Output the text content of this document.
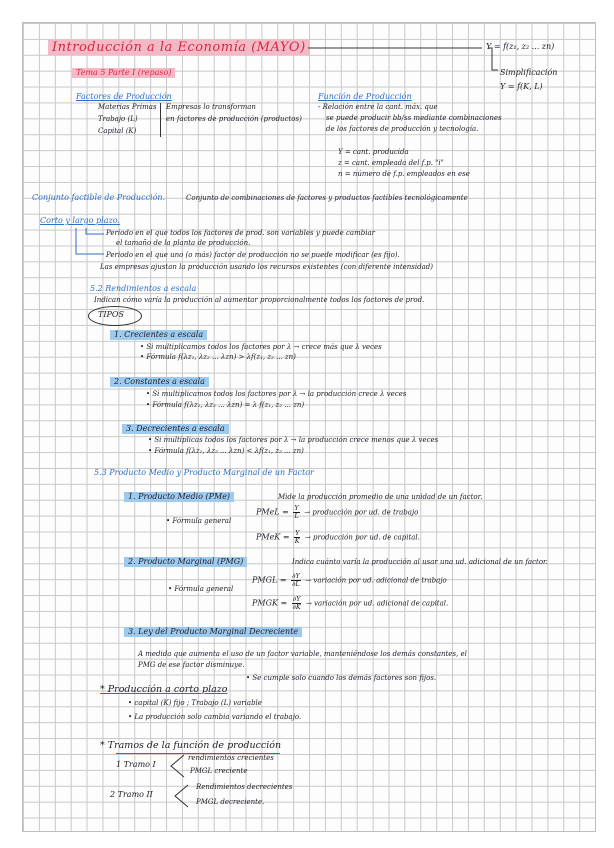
Introducción a la Economía (MAYO)
Tema 5 Parte I (repaso)
Y = f(z₁, z₂ ... zn)
Simplificación
Y = f(K, L)
Factores de Producción
Materias Primas
Trabajo (L)
Capital (K)
Empresas lo transforman
en factores de producción (productos)
Función de Producción
- Relación entre la cant. máx. que
se puede producir bb/ss mediante combinaciones
de los factores de producción y tecnología.
Y = cant. producida
z = cant. empleada del f.p. "i"
n = número de f.p. empleados en ese
Conjunto factible de Producción.	Conjunto de combinaciones de factores y productos factibles tecnológicamente
Corto y largo plazo.
Periodo en el que todos los factores de prod. son variables y puede cambiar
el tamaño de la planta de producción.
Periodo en el que uno (o más) factor de producción no se puede modificar (es fijo).
Las empresas ajustan la producción usando los recursos existentes (con diferente intensidad)
5.2 Rendimientos a escala
Indican cómo varía la producción al aumentar proporcionalmente todos los factores de prod.
TIPOS
1. Crecientes a escala
• Si multiplicamos todos los factores por λ → crece más que λ veces
• Fórmula f(λz₁, λz₂ ... λzn) > λf(z₁, z₂ ... zn)
2. Constantes a escala
• Si multiplicamos todos los factores por λ → la producción crece λ veces
• Fórmula f(λz₁, λz₂ ... λzn) = λ f(z₁, z₂ ... zn)
3. Decrecientes a escala
• Si multiplicas todos los factores por λ → la producción crece menos que λ veces
• Fórmula f(λz₁, λz₂ ... λzn) < λf(z₁, z₂ ... zn)
5.3 Producto Medio y Producto Marginal de un Factor
1. Producto Medio (PMe)	Mide la producción promedio de una unidad de un factor.
• Fórmula general
PMeL = $\frac{Y}{L}$ → producción por ud. de trabajo
PMeK = $\frac{Y}{K}$ → producción por ud. de capital.
2. Producto Marginal (PMG)	Indica cuánto varía la producción al usar una ud. adicional de un factor.
• Fórmula general
PMGL = $\frac{\partial Y}{\partial L}$ → variación por ud. adicional de trabajo
PMGK = $\frac{\partial Y}{\partial K}$ → variación por ud. adicional de capital.
3. Ley del Producto Marginal Decreciente
A medida que aumenta el uso de un factor variable, manteniéndose los demás constantes, el
PMG de ese factor disminuye.
• Se cumple solo cuando los demás factores son fijos.
* Producción a corto plazo
• capital (K) fijo ; Trabajo (L) variable
• La producción solo cambia variando el trabajo.
* Tramos de la función de producción
1 Tramo I
rendimientos crecientes
PMGL creciente
2 Tramo II
Rendimientos decrecientes
PMGL decreciente.
